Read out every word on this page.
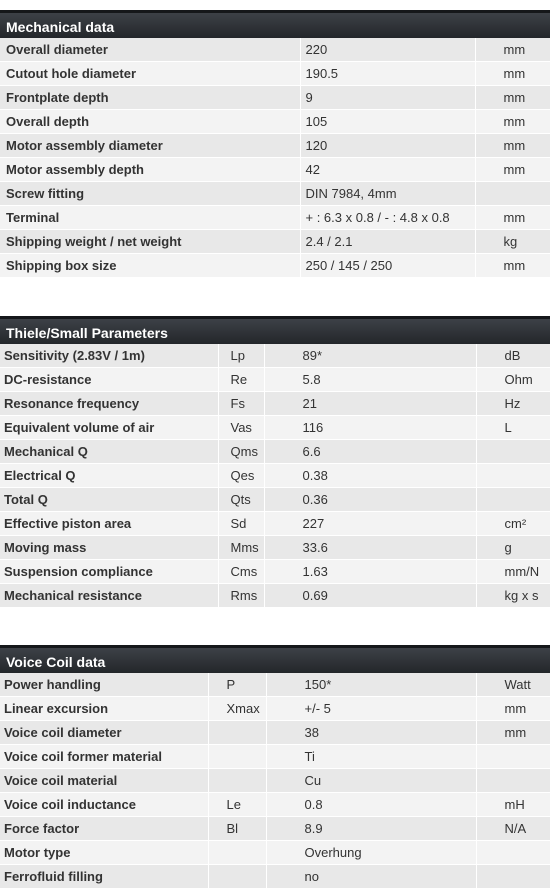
Mechanical data
Overall diameter	220	mm
Cutout hole diameter	190.5	mm
Frontplate depth	9	mm
Overall depth	105	mm
Motor assembly diameter	120	mm
Motor assembly depth	42	mm
Screw fitting	DIN 7984, 4mm	
Terminal	+ : 6.3 x 0.8 / - : 4.8 x 0.8	mm
Shipping weight / net weight	2.4 / 2.1	kg
Shipping box size	250 / 145 / 250	mm
Thiele/Small Parameters
Sensitivity (2.83V / 1m)	Lp	89*	dB
DC-resistance	Re	5.8	Ohm
Resonance frequency	Fs	21	Hz
Equivalent volume of air	Vas	116	L
Mechanical Q	Qms	6.6	
Electrical Q	Qes	0.38	
Total Q	Qts	0.36	
Effective piston area	Sd	227	cm²
Moving mass	Mms	33.6	g
Suspension compliance	Cms	1.63	mm/N
Mechanical resistance	Rms	0.69	kg x s
Voice Coil data
Power handling	P	150*	Watt
Linear excursion	Xmax	+/- 5	mm
Voice coil diameter		38	mm
Voice coil former material		Ti	
Voice coil material		Cu	
Voice coil inductance	Le	0.8	mH
Force factor	Bl	8.9	N/A
Motor type		Overhung	
Ferrofluid filling		no	
